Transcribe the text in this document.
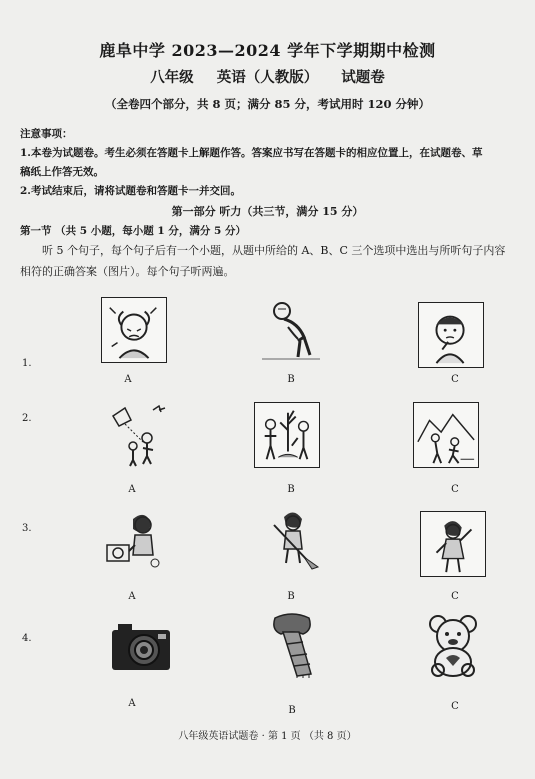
鹿阜中学 2023—2024 学年下学期期中检测
八年级 英语（人教版） 试题卷
（全卷四个部分，共 8 页；满分 85 分，考试用时 120 分钟）
注意事项：
1.本卷为试题卷。考生必须在答题卡上解题作答。答案应书写在答题卡的相应位置上，在试题卷、草
稿纸上作答无效。
2.考试结束后，请将试题卷和答题卡一并交回。
第一部分 听力（共三节，满分 15 分）
第一节 （共 5 小题，每小题 1 分，满分 5 分）
听 5 个句子，每个句子后有一个小题，从题中所给的 A、B、C 三个选项中选出与所听句子内容
相符的正确答案（图片）。每个句子听两遍。
1.
A	B	C
2.
A	B	C
3.
A	B	C
4.
A
B	C
八年级英语试题卷 · 第 1 页 （共 8 页）
